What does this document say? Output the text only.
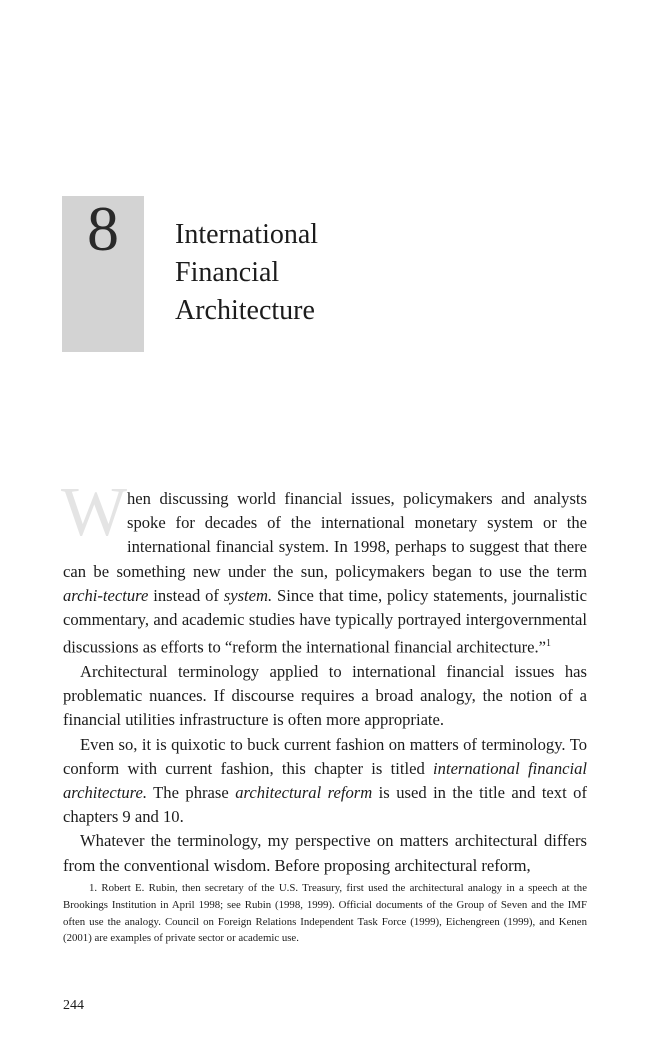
8	International
Financial
Architecture

W hen discussing world financial issues, policymakers and analysts spoke for decades of the international monetary system or the international financial system. In 1998, perhaps to suggest that there can be something new under the sun, policymakers began to use the term archi-tecture instead of system. Since that time, policy statements, journalistic commentary, and academic studies have typically portrayed intergovernmental discussions as efforts to “reform the international financial architecture.”$^1$

Architectural terminology applied to international financial issues has problematic nuances. If discourse requires a broad analogy, the notion of a financial utilities infrastructure is often more appropriate.

Even so, it is quixotic to buck current fashion on matters of terminology. To conform with current fashion, this chapter is titled international financial architecture. The phrase architectural reform is used in the title and text of chapters 9 and 10.

Whatever the terminology, my perspective on matters architectural differs from the conventional wisdom. Before proposing architectural reform,

1. Robert E. Rubin, then secretary of the U.S. Treasury, first used the architectural analogy in a speech at the Brookings Institution in April 1998; see Rubin (1998, 1999). Official documents of the Group of Seven and the IMF often use the analogy. Council on Foreign Relations Independent Task Force (1999), Eichengreen (1999), and Kenen (2001) are examples of private sector or academic use.

244
